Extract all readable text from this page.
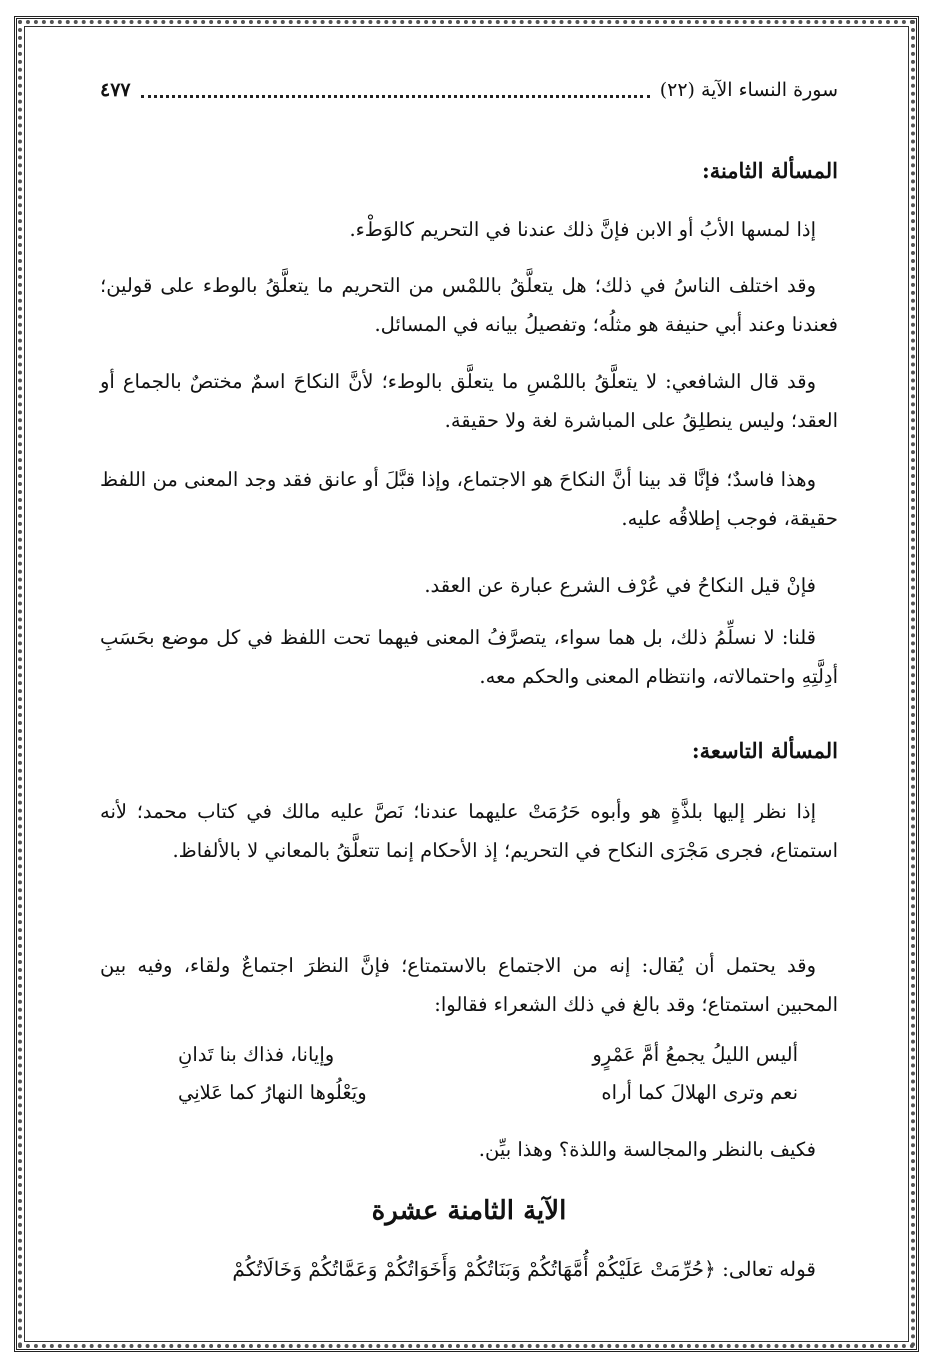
سورة النساء الآية (٢٢)
٤٧٧
المسألة الثامنة:

إذا لمسها الأبُ أو الابن فإنَّ ذلك عندنا في التحريم كالوَطْء.

وقد اختلف الناسُ في ذلك؛ هل يتعلَّقُ باللمْس من التحريم ما يتعلَّقُ بالوطء على قولين؛ فعندنا وعند أبي حنيفة هو مثلُه؛ وتفصيلُ بيانه في المسائل.

وقد قال الشافعي: لا يتعلَّقُ باللمْسِ ما يتعلَّق بالوطء؛ لأنَّ النكاحَ اسمٌ مختصٌ بالجماع أو العقد؛ وليس ينطلِقُ على المباشرة لغة ولا حقيقة.

وهذا فاسدٌ؛ فإنَّا قد بينا أنَّ النكاحَ هو الاجتماع، وإذا قبَّلَ أو عانق فقد وجد المعنى من اللفظ حقيقة، فوجب إطلاقُه عليه.

فإنْ قيل النكاحُ في عُرْف الشرع عبارة عن العقد.

قلنا: لا نسلِّمُ ذلك، بل هما سواء، يتصرَّفُ المعنى فيهما تحت اللفظ في كل موضع بحَسَبِ أدِلَّتِهِ واحتمالاته، وانتظام المعنى والحكم معه.

المسألة التاسعة:

إذا نظر إليها بلذَّةٍ هو وأبوه حَرُمَتْ عليهما عندنا؛ نَصَّ عليه مالك في كتاب محمد؛ لأنه استمتاع، فجرى مَجْرَى النكاح في التحريم؛ إذ الأحكام إنما تتعلَّقُ بالمعاني لا بالألفاظ.

وقد يحتمل أن يُقال: إنه من الاجتماع بالاستمتاع؛ فإنَّ النظرَ اجتماعٌ ولقاء، وفيه بين المحبين استمتاع؛ وقد بالغ في ذلك الشعراء فقالوا:

أليس الليلُ يجمعُ أمَّ عَمْرٍو
وإيانا، فذاك بنا تَدانِ
نعم وترى الهلالَ كما أراه
ويَعْلُوها النهارُ كما عَلانِي

فكيف بالنظر والمجالسة واللذة؟ وهذا بيِّن.

الآية الثامنة عشرة

قوله تعالى: ﴿حُرِّمَتْ عَلَيْكُمْ أُمَّهَاتُكُمْ وَبَنَاتُكُمْ وَأَخَوَاتُكُمْ وَعَمَّاتُكُمْ وَخَالَاتُكُمْ
